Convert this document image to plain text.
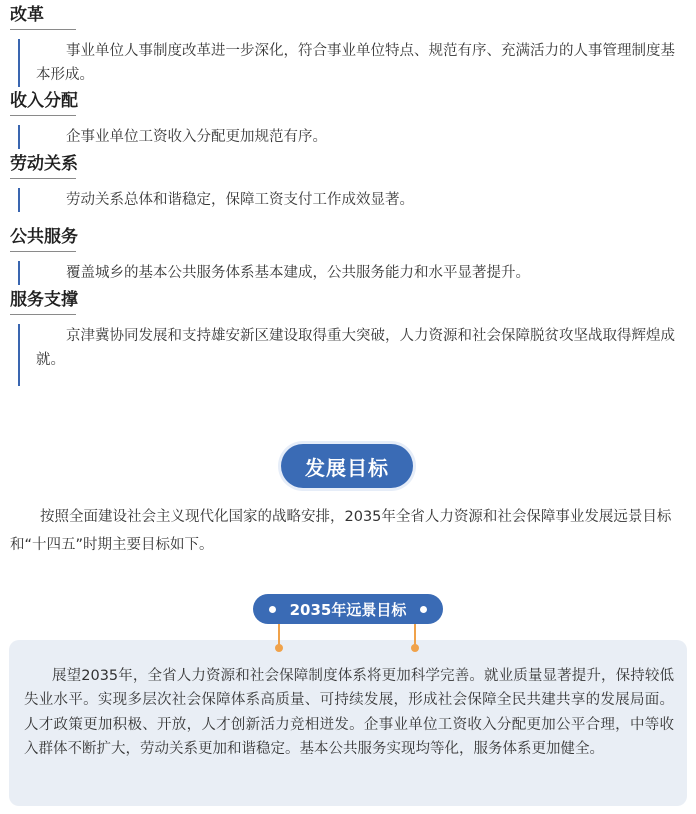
改革
事业单位人事制度改革进一步深化，符合事业单位特点、规范有序、充满活力的人事管理制度基本形成。
收入分配
企事业单位工资收入分配更加规范有序。
劳动关系
劳动关系总体和谐稳定，保障工资支付工作成效显著。
公共服务
覆盖城乡的基本公共服务体系基本建成，公共服务能力和水平显著提升。
服务支撑
京津冀协同发展和支持雄安新区建设取得重大突破，人力资源和社会保障脱贫攻坚战取得辉煌成就。
发展目标
按照全面建设社会主义现代化国家的战略安排，2035年全省人力资源和社会保障事业发展远景目标和“十四五”时期主要目标如下。
2035年远景目标
展望2035年，全省人力资源和社会保障制度体系将更加科学完善。就业质量显著提升，保持较低失业水平。实现多层次社会保障体系高质量、可持续发展，形成社会保障全民共建共享的发展局面。人才政策更加积极、开放，人才创新活力竞相迸发。企事业单位工资收入分配更加公平合理，中等收入群体不断扩大，劳动关系更加和谐稳定。基本公共服务实现均等化，服务体系更加健全。
